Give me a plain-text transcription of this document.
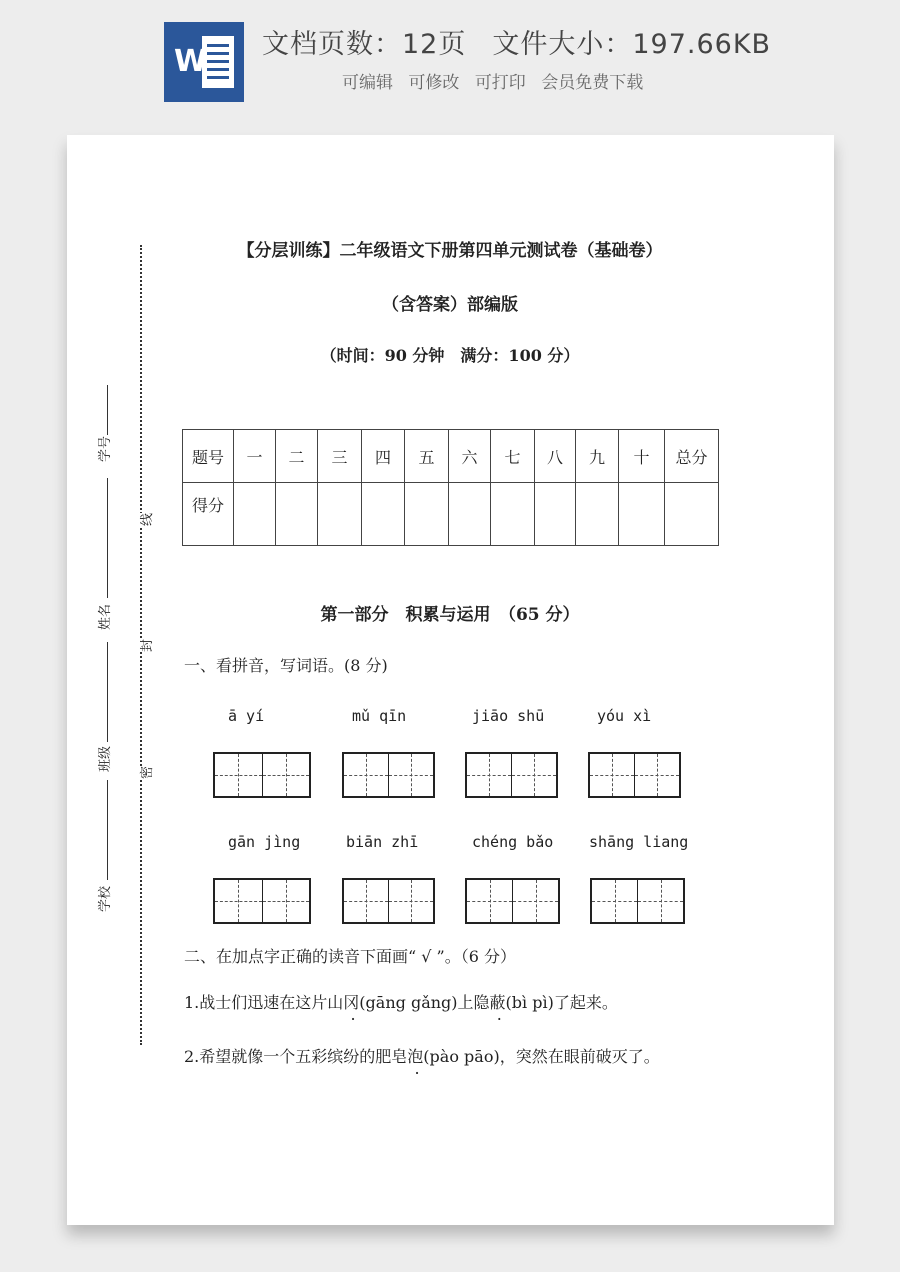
W 文档页数：12页 文件大小：197.66KB
可编辑 可修改 可打印 会员免费下载
学号
姓名
班级
学校
线
封
密
【分层训练】二年级语文下册第四单元测试卷（基础卷）
（含答案）部编版
（时间：90 分钟　满分：100 分）
题号	一	二	三	四	五	六	七	八	九	十	总分
得分											
第一部分　积累与运用　（65 分）
一、看拼音，写词语。(8 分)
ā yí	mǔ qīn	jiāo shū	yóu xì
gān jìng	biān zhī	chéng bǎo shāng liang
二、在加点字正确的读音下面画“ √ ”。（6 分）
1.战士们迅速在这片山冈(gāng gǎng)上隐蔽(bì pì)了起来。
2.希望就像一个五彩缤纷的肥皂泡(pào pāo)，突然在眼前破灭了。
